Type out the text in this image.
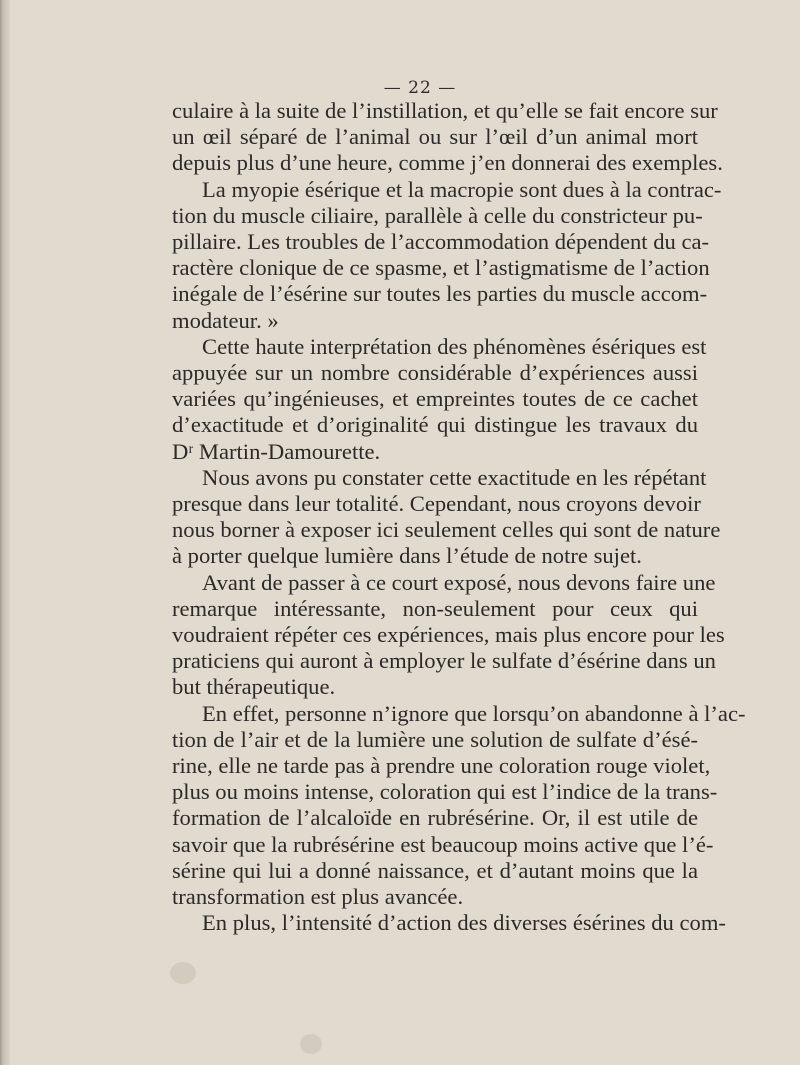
— 22 —
culaire à la suite de l’instillation, et qu’elle se fait encore sur
un œil séparé de l’animal ou sur l’œil d’un animal mort
depuis plus d’une heure, comme j’en donnerai des exemples.
La myopie ésérique et la macropie sont dues à la contrac-
tion du muscle ciliaire, parallèle à celle du constricteur pu-
pillaire. Les troubles de l’accommodation dépendent du ca-
ractère clonique de ce spasme, et l’astigmatisme de l’action
inégale de l’ésérine sur toutes les parties du muscle accom-
modateur. »
Cette haute interprétation des phénomènes ésériques est
appuyée sur un nombre considérable d’expériences aussi
variées qu’ingénieuses, et empreintes toutes de ce cachet
d’exactitude et d’originalité qui distingue les travaux du
Dʳ Martin-Damourette.
Nous avons pu constater cette exactitude en les répétant
presque dans leur totalité. Cependant, nous croyons devoir
nous borner à exposer ici seulement celles qui sont de nature
à porter quelque lumière dans l’étude de notre sujet.
Avant de passer à ce court exposé, nous devons faire une
remarque intéressante, non-seulement pour ceux qui
voudraient répéter ces expériences, mais plus encore pour les
praticiens qui auront à employer le sulfate d’ésérine dans un
but thérapeutique.
En effet, personne n’ignore que lorsqu’on abandonne à l’ac-
tion de l’air et de la lumière une solution de sulfate d’ésé-
rine, elle ne tarde pas à prendre une coloration rouge violet,
plus ou moins intense, coloration qui est l’indice de la trans-
formation de l’alcaloïde en rubrésérine. Or, il est utile de
savoir que la rubrésérine est beaucoup moins active que l’é-
sérine qui lui a donné naissance, et d’autant moins que la
transformation est plus avancée.
En plus, l’intensité d’action des diverses ésérines du com-
